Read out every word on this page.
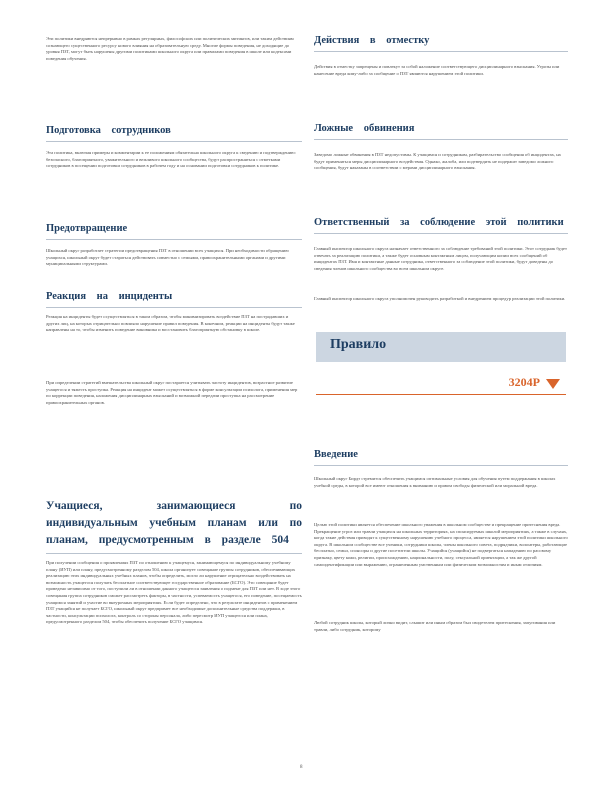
Эти политики внедряются непрерывно в рамках регулярных, философских или политических митингов, или таким действиям сознающего существенного ресурсу нового влияния на образовательную среду. Многие формы поведения, не доходящие до уровня ПЗТ, могут быть нарушены другими политиками школьного округа или правилами поведения в школе или кодексами поведения обучения.

Подготовка сотрудников

Эта политика, включая примеры и комментарии к ее положениям обязательна школьного округа к сведению и подтверждению: безопасного, благоприятного, уважительного и вежливого школьного сообщества, будут распространяться с отметками сотрудников в посещении подготовки сотрудников в рабочем году и на основании подготовки сотрудников к политике.

Предотвращение

Школьный округ разработает стратегии предотвращения ПЗТ в отношении всех учащихся. При необходимости обращению учащихся, школьный округ будет стараться действовать совместно с семьями, правоохранительными органами и другими муниципальными структурами.

Реакция на инциденты

Реакция на инциденты будет осуществляться в таком образом, чтобы минимизировать воздействие ПЗТ на пострадавших и других лиц, на которых отрицательно повлияло нарушение правил поведения. В конечном, реакции на инциденты будут также направлены на то, чтобы изменить поведение виновника и восстановить благоприятную обстановку в школе.

При определении стратегий вмешательства школьный округ постарается учитывать частоту инцидентов, возрастное развитие учащегося и тяжесть проступка. Реакция на инцидент может осуществляться в форме консультации психолога, применения мер по коррекции поведения, наложения дисциплинарных взысканий и возможной передачи проступка на рассмотрение правоохранительных органов.

Учащиеся, занимающиеся по индивидуальным учебным планам или по планам, предусмотренным в разделе 504

При получении сообщения о проявлениях ПЗТ по отношению к учащемуся, занимающемуся по индивидуальному учебному плану (ИУП) или плану, предусмотренному разделом 504, школа организует совещание группы сотрудников, обеспечивающих реализацию этих индивидуальных учебных планов, чтобы определить, могло ли нарушение отрицательно воздействовать на возможность учащегося получать бесплатное соответствующее государственное образование (БСГО). Это совещание будет проведено независимо от того, поступили ли в отношении данного учащегося заявления о подмене для ПЗТ или нет. В ходе этого совещания группа сотрудников сможет рассмотреть факторы, в частности, успеваемость учащегося, его поведение, посещаемость учащимся занятий и участие во внеурочных мероприятиях. Если будет определено, что в результате инцидентов с применением ПЗТ учащийся не получает БСГО, школьный округ предпримет все необходимые дополнительные средства поддержки, в частности, консультации психолога, контроль со стороны персонала, либо пересмотр ИУП учащегося или плана, предусмотренного разделом 504, чтобы обеспечить получение БСГО учащимся.

Действия в отместку

Действия в отместку запрещены и повлекут за собой наложение соответствующего дисциплинарного взыскания. Угрозы или нанесение вреда кому-либо за сообщение о ПЗТ являются нарушением этой политики.

Ложные обвинения

Заведомо ложные обвинения в ПЗТ недопустимы. К учащимся и сотрудникам, разбирательство сообщения об инцидентах, на будут применяться меры дисциплинарного воздействия. Однако, жалоба, или подтвердить не подержит заведомо ложного сообщения, будут наказаны в соответствии с мерами дисциплинарного взыскания.

Ответственный за соблюдение этой политики

Главный инспектор школьного округа назначает ответственного за соблюдение требований этой политики. Этот сотрудник будет отвечать за реализацию политики, а также будет основным контактным лицом, получающим копии всех сообщений об инцидентах ПЗТ. Имя и контактные данные сотрудника, ответственного за соблюдение этой политики, будут доведены до сведения членов школьного сообщества во всем школьном округе.

Главный инспектор школьного округа уполномочен руководить разработкой и внедрением процедур реализации этой политики.

Введение

Школьный округ Бирдт стремится обеспечить учащимся оптимальные условия для обучения путем поддержания в школах учебной среды, в которой все имеют отношения к вниманию и правом свободы физической или моральной вреда.

Целью этой политики является обеспечение школьного уважения в школьном сообществе и прекращение притеснения вреда. Прекращение угроз или травли учащихся на школьных территориях, на спонсируемых школой мероприятиях, а также в случаях, когда такие действия приводят к существенному нарушению учебного процесса, является нарушением этой политики школьного округа. В школьном сообществе все ученики, сотрудники школы, члены школьного совета, подрядчики, волонтеры, работающие бесплатно, семьи, спонсоры и другие посетители школы. Учащийся (учащийся) не подвергаться нападению по расовому признаку, цвету кожи, религии, происхождению, национальности, полу, сексуальной ориентации, а так же другой самоидентификации или выражению, ограниченным умственным или физическим возможностям и иным отличиям.

Любой сотрудник школы, который лично видит, слышит или иным образом был свидетелем притеснения, запугивания или травли, либо сотрудник, которому

Правило
3204Р
8
